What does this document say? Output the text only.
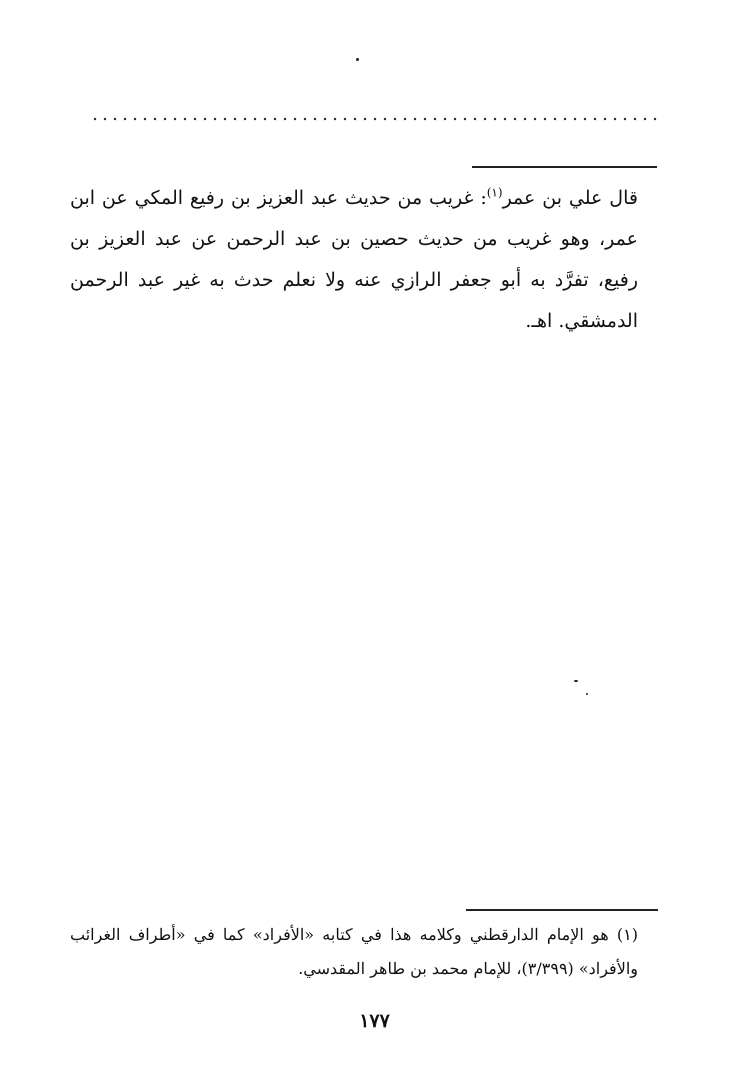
قال علي بن عمر$^{(١)}$: غريب من حديث عبد العزيز بن رفيع المكي عن ابن عمر، وهو غريب من حديث حصين بن عبد الرحمن عن عبد العزيز بن رفيع، تفرَّد به أبو جعفر الرازي عنه ولا نعلم حدث به غير عبد الرحمن الدمشقي. اهـ.

(١) هو الإمام الدارقطني وكلامه هذا في كتابه «الأفراد» كما في «أطراف الغرائب والأفراد» (٣/٣٩٩)، للإمام محمد بن طاهر المقدسي.

١٧٧
